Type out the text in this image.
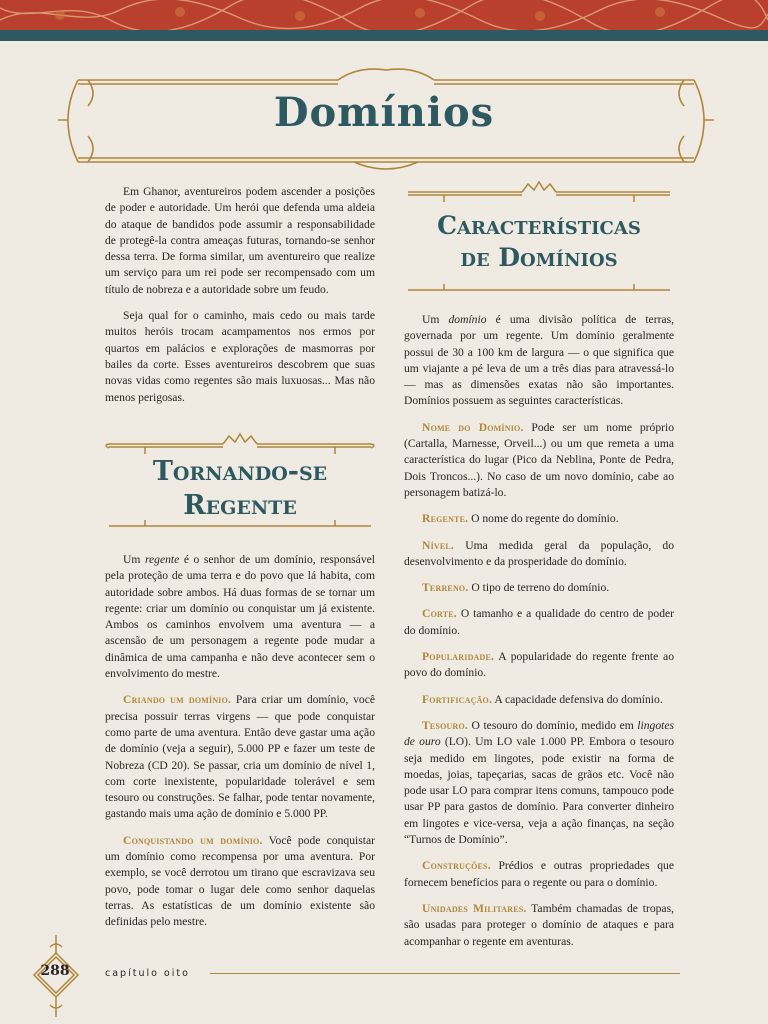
Domínios

Em Ghanor, aventureiros podem ascender a posições de poder e autoridade. Um herói que defenda uma aldeia do ataque de bandidos pode assumir a responsabilidade de protegê-la contra ameaças futuras, tornando-se senhor dessa terra. De forma similar, um aventureiro que realize um serviço para um rei pode ser recompensado com um título de nobreza e a autoridade sobre um feudo.

Seja qual for o caminho, mais cedo ou mais tarde muitos heróis trocam acampamentos nos ermos por quartos em palácios e explorações de masmorras por bailes da corte. Esses aventureiros descobrem que suas novas vidas como regentes são mais luxuosas... Mas não menos perigosas.

Tornando-se
Regente

Um regente é o senhor de um domínio, responsável pela proteção de uma terra e do povo que lá habita, com autoridade sobre ambos. Há duas formas de se tornar um regente: criar um domínio ou conquistar um já existente. Ambos os caminhos envolvem uma aventura — a ascensão de um personagem a regente pode mudar a dinâmica de uma campanha e não deve acontecer sem o envolvimento do mestre.

Criando um domínio. Para criar um domínio, você precisa possuir terras virgens — que pode conquistar como parte de uma aventura. Então deve gastar uma ação de domínio (veja a seguir), 5.000 PP e fazer um teste de Nobreza (CD 20). Se passar, cria um domínio de nível 1, com corte inexistente, popularidade tolerável e sem tesouro ou construções. Se falhar, pode tentar novamente, gastando mais uma ação de domínio e 5.000 PP.

Conquistando um domínio. Você pode conquistar um domínio como recompensa por uma aventura. Por exemplo, se você derrotou um tirano que escravizava seu povo, pode tomar o lugar dele como senhor daquelas terras. As estatísticas de um domínio existente são definidas pelo mestre.

Características
de Domínios

Um domínio é uma divisão política de terras, governada por um regente. Um domínio geralmente possui de 30 a 100 km de largura — o que significa que um viajante a pé leva de um a três dias para atravessá-lo — mas as dimensões exatas não são importantes. Domínios possuem as seguintes características.

Nome do Domínio. Pode ser um nome próprio (Cartalla, Marnesse, Orveil...) ou um que remeta a uma característica do lugar (Pico da Neblina, Ponte de Pedra, Dois Troncos...). No caso de um novo domínio, cabe ao personagem batizá-lo.

Regente. O nome do regente do domínio.

Nível. Uma medida geral da população, do desenvolvimento e da prosperidade do domínio.

Terreno. O tipo de terreno do domínio.

Corte. O tamanho e a qualidade do centro de poder do domínio.

Popularidade. A popularidade do regente frente ao povo do domínio.

Fortificação. A capacidade defensiva do domínio.

Tesouro. O tesouro do domínio, medido em lingotes de ouro (LO). Um LO vale 1.000 PP. Embora o tesouro seja medido em lingotes, pode existir na forma de moedas, joias, tapeçarias, sacas de grãos etc. Você não pode usar LO para comprar itens comuns, tampouco pode usar PP para gastos de domínio. Para converter dinheiro em lingotes e vice-versa, veja a ação finanças, na seção “Turnos de Domínio”.

Construções. Prédios e outras propriedades que fornecem benefícios para o regente ou para o domínio.

Unidades Militares. Também chamadas de tropas, são usadas para proteger o domínio de ataques e para acompanhar o regente em aventuras.

288	capítulo oito
